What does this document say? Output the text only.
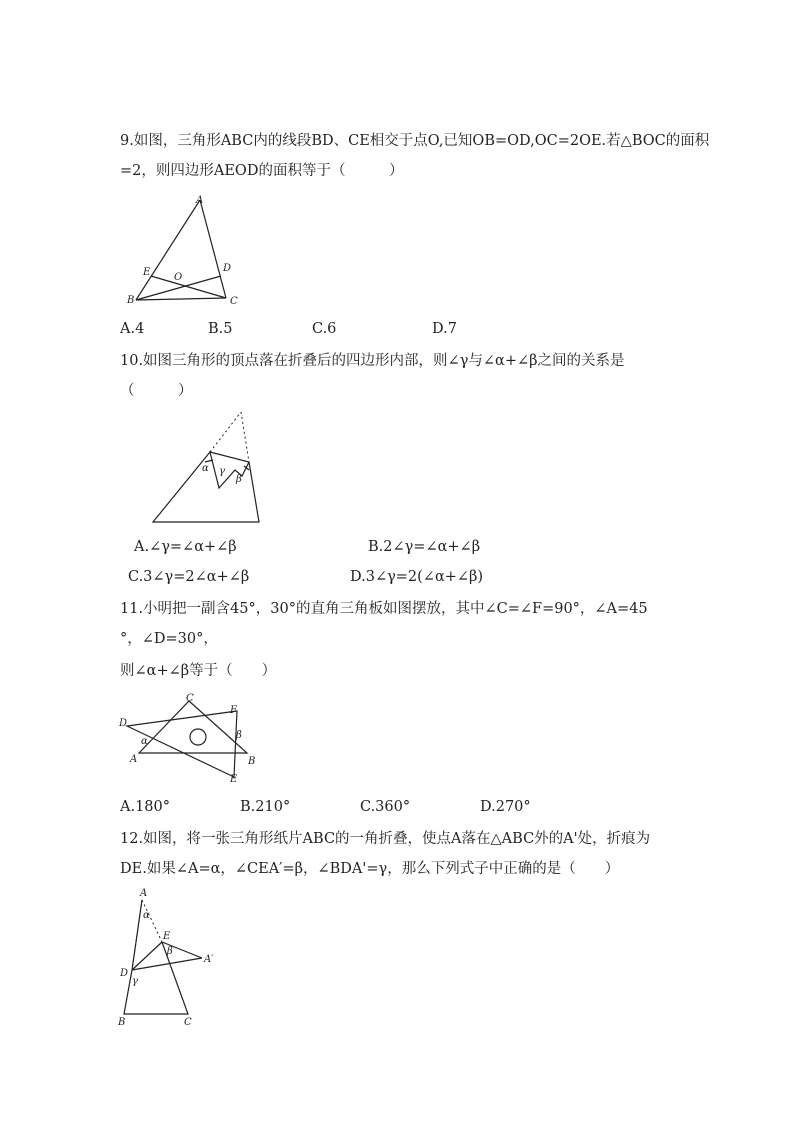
9.如图，三角形ABC内的线段BD、CE相交于点O,已知OB=OD,OC=2OE.若△BOC的面积
=2，则四边形AEOD的面积等于（　　　）
A
E O
D
B	C
A.4	B.5	C.6	D.7
10.如图三角形的顶点落在折叠后的四边形内部，则∠γ与∠α+∠β之间的关系是
（　　　）
α γ
β
A.∠γ=∠α+∠β	B.2∠γ=∠α+∠β
C.3∠γ=2∠α+∠β	D.3∠γ=2(∠α+∠β)
11.小明把一副含45°，30°的直角三角板如图摆放，其中∠C=∠F=90°，∠A=45
°，∠D=30°，
则∠α+∠β等于（　　）
C
F
D
α
β
A	B
E
A.180°	B.210°	C.360°	D.270°
12.如图，将一张三角形纸片ABC的一角折叠，使点A落在△ABC外的A'处，折痕为
DE.如果∠A=α，∠CEA′=β，∠BDA'=γ，那么下列式子中正确的是（　　）
A
α
E
β
A′
D
γ
B	C
